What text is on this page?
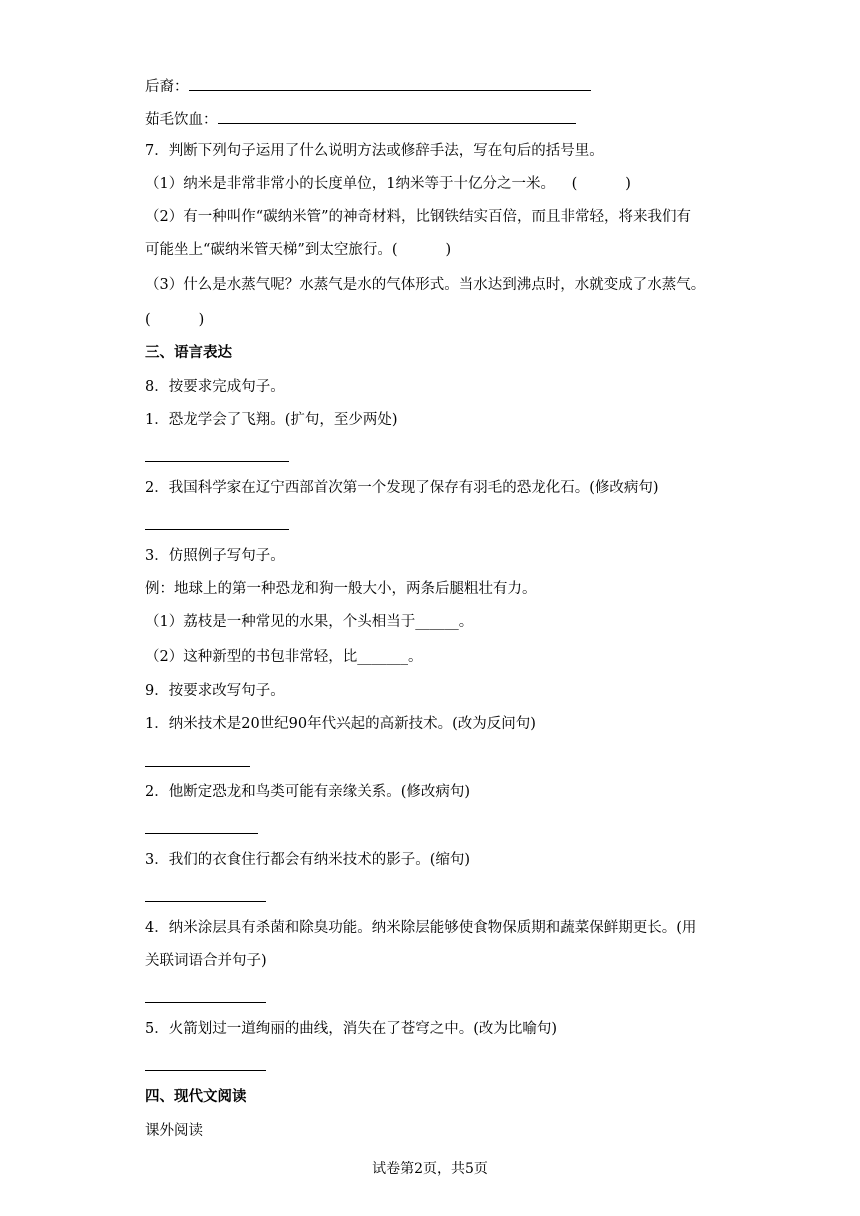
后裔：
茹毛饮血：
7．判断下列句子运用了什么说明方法或修辞手法，写在句后的括号里。
（1）纳米是非常非常小的长度单位，1纳米等于十亿分之一米。 (	)
（2）有一种叫作“碳纳米管”的神奇材料，比钢铁结实百倍，而且非常轻，将来我们有
可能坐上“碳纳米管天梯”到太空旅行。(	)
（3）什么是水蒸气呢？水蒸气是水的气体形式。当水达到沸点时，水就变成了水蒸气。
(	)
三、语言表达
8．按要求完成句子。
1．恐龙学会了飞翔。(扩句，至少两处)
2．我国科学家在辽宁西部首次第一个发现了保存有羽毛的恐龙化石。(修改病句)
3．仿照例子写句子。
例：地球上的第一种恐龙和狗一般大小，两条后腿粗壮有力。
（1）荔枝是一种常见的水果，个头相当于______。
（2）这种新型的书包非常轻，比_______。
9．按要求改写句子。
1．纳米技术是20世纪90年代兴起的高新技术。(改为反问句)
2．他断定恐龙和鸟类可能有亲缘关系。(修改病句)
3．我们的衣食住行都会有纳米技术的影子。(缩句)
4．纳米涂层具有杀菌和除臭功能。纳米除层能够使食物保质期和蔬菜保鲜期更长。(用
关联词语合并句子)
5．火箭划过一道绚丽的曲线，消失在了苍穹之中。(改为比喻句)
四、现代文阅读
课外阅读
试卷第2页，共5页
